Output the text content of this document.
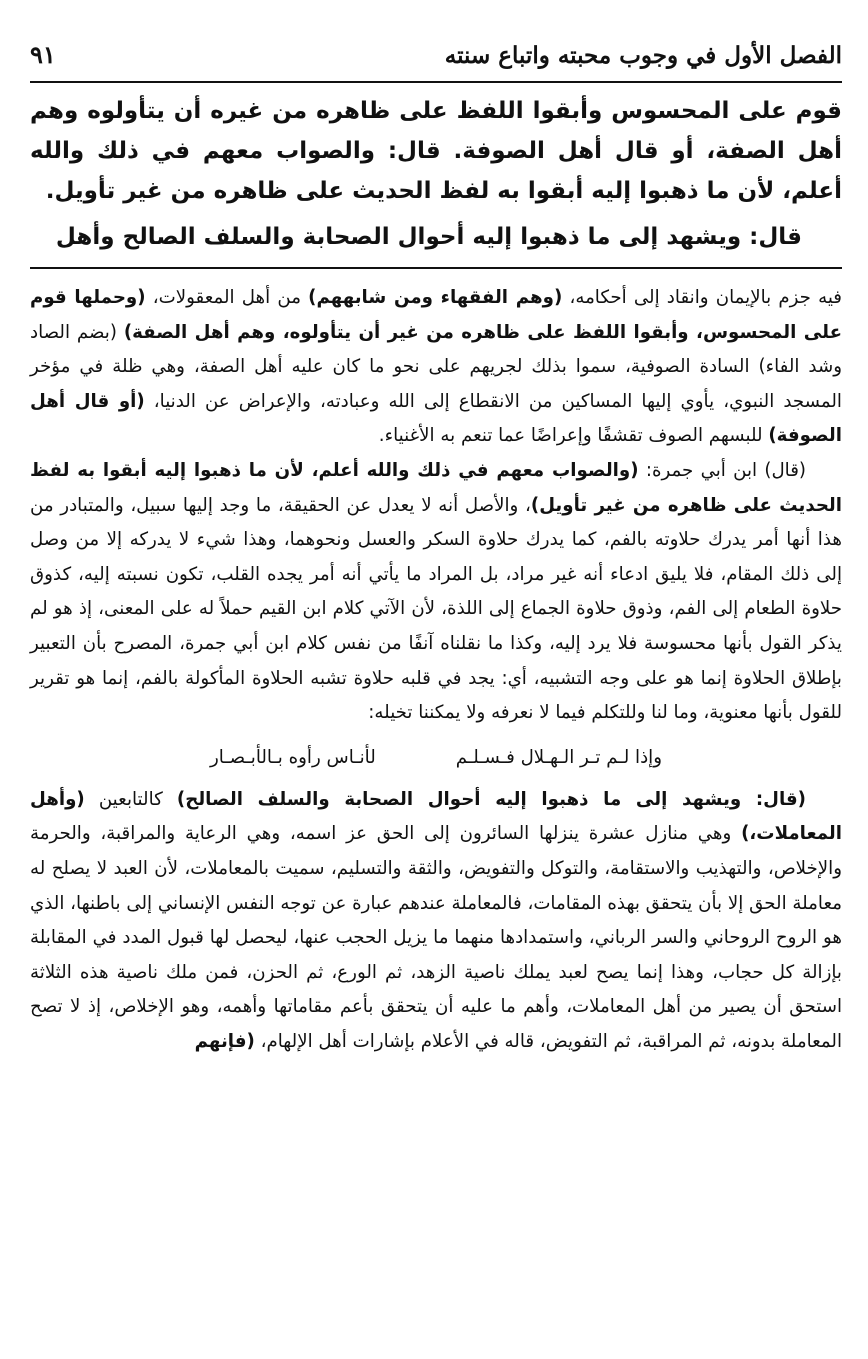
الفصل الأول في وجوب محبته واتباع سنته
٩١

قوم على المحسوس وأبقوا اللفظ على ظاهره من غيره أن يتأولوه وهم أهل الصفة، أو قال أهل الصوفة. قال: والصواب معهم في ذلك والله أعلم، لأن ما ذهبوا إليه أبقوا به لفظ الحديث على ظاهره من غير تأويل.

قال: ويشهد إلى ما ذهبوا إليه أحوال الصحابة والسلف الصالح وأهل

فيه جزم بالإيمان وانقاد إلى أحكامه، (وهم الفقهاء ومن شابههم) من أهل المعقولات، (وحملها قوم على المحسوس، وأبقوا اللفظ على ظاهره من غير أن يتأولوه، وهم أهل الصفة) (بضم الصاد وشد الفاء) السادة الصوفية، سموا بذلك لجريهم على نحو ما كان عليه أهل الصفة، وهي ظلة في مؤخر المسجد النبوي، يأوي إليها المساكين من الانقطاع إلى الله وعبادته، والإعراض عن الدنيا، (أو قال أهل الصوفة) للبسهم الصوف تقشفًا وإعراضًا عما تنعم به الأغنياء.

(قال) ابن أبي جمرة: (والصواب معهم في ذلك والله أعلم، لأن ما ذهبوا إليه أبقوا به لفظ الحديث على ظاهره من غير تأويل)، والأصل أنه لا يعدل عن الحقيقة، ما وجد إليها سبيل، والمتبادر من هذا أنها أمر يدرك حلاوته بالفم، كما يدرك حلاوة السكر والعسل ونحوهما، وهذا شيء لا يدركه إلا من وصل إلى ذلك المقام، فلا يليق ادعاء أنه غير مراد، بل المراد ما يأتي أنه أمر يجده القلب، تكون نسبته إليه، كذوق حلاوة الطعام إلى الفم، وذوق حلاوة الجماع إلى اللذة، لأن الآتي كلام ابن القيم حملاً له على المعنى، إذ هو لم يذكر القول بأنها محسوسة فلا يرد إليه، وكذا ما نقلناه آنفًا من نفس كلام ابن أبي جمرة، المصرح بأن التعبير بإطلاق الحلاوة إنما هو على وجه التشبيه، أي: يجد في قلبه حلاوة تشبه الحلاوة المأكولة بالفم، إنما هو تقرير للقول بأنها معنوية، وما لنا وللتكلم فيما لا نعرفه ولا يمكننا تخيله:

وإذا لـم تـر الـهـلال فـسـلـم
لأنـاس رأوه بـالأبـصـار

(قال: ويشهد إلى ما ذهبوا إليه أحوال الصحابة والسلف الصالح) كالتابعين (وأهل المعاملات،) وهي منازل عشرة ينزلها السائرون إلى الحق عز اسمه، وهي الرعاية والمراقبة، والحرمة والإخلاص، والتهذيب والاستقامة، والتوكل والتفويض، والثقة والتسليم، سميت بالمعاملات، لأن العبد لا يصلح له معاملة الحق إلا بأن يتحقق بهذه المقامات، فالمعاملة عندهم عبارة عن توجه النفس الإنساني إلى باطنها، الذي هو الروح الروحاني والسر الرباني، واستمدادها منهما ما يزيل الحجب عنها، ليحصل لها قبول المدد في المقابلة بإزالة كل حجاب، وهذا إنما يصح لعبد يملك ناصية الزهد، ثم الورع، ثم الحزن، فمن ملك ناصية هذه الثلاثة استحق أن يصير من أهل المعاملات، وأهم ما عليه أن يتحقق بأعم مقاماتها وأهمه، وهو الإخلاص، إذ لا تصح المعاملة بدونه، ثم المراقبة، ثم التفويض، قاله في الأعلام بإشارات أهل الإلهام، (فإنهم
